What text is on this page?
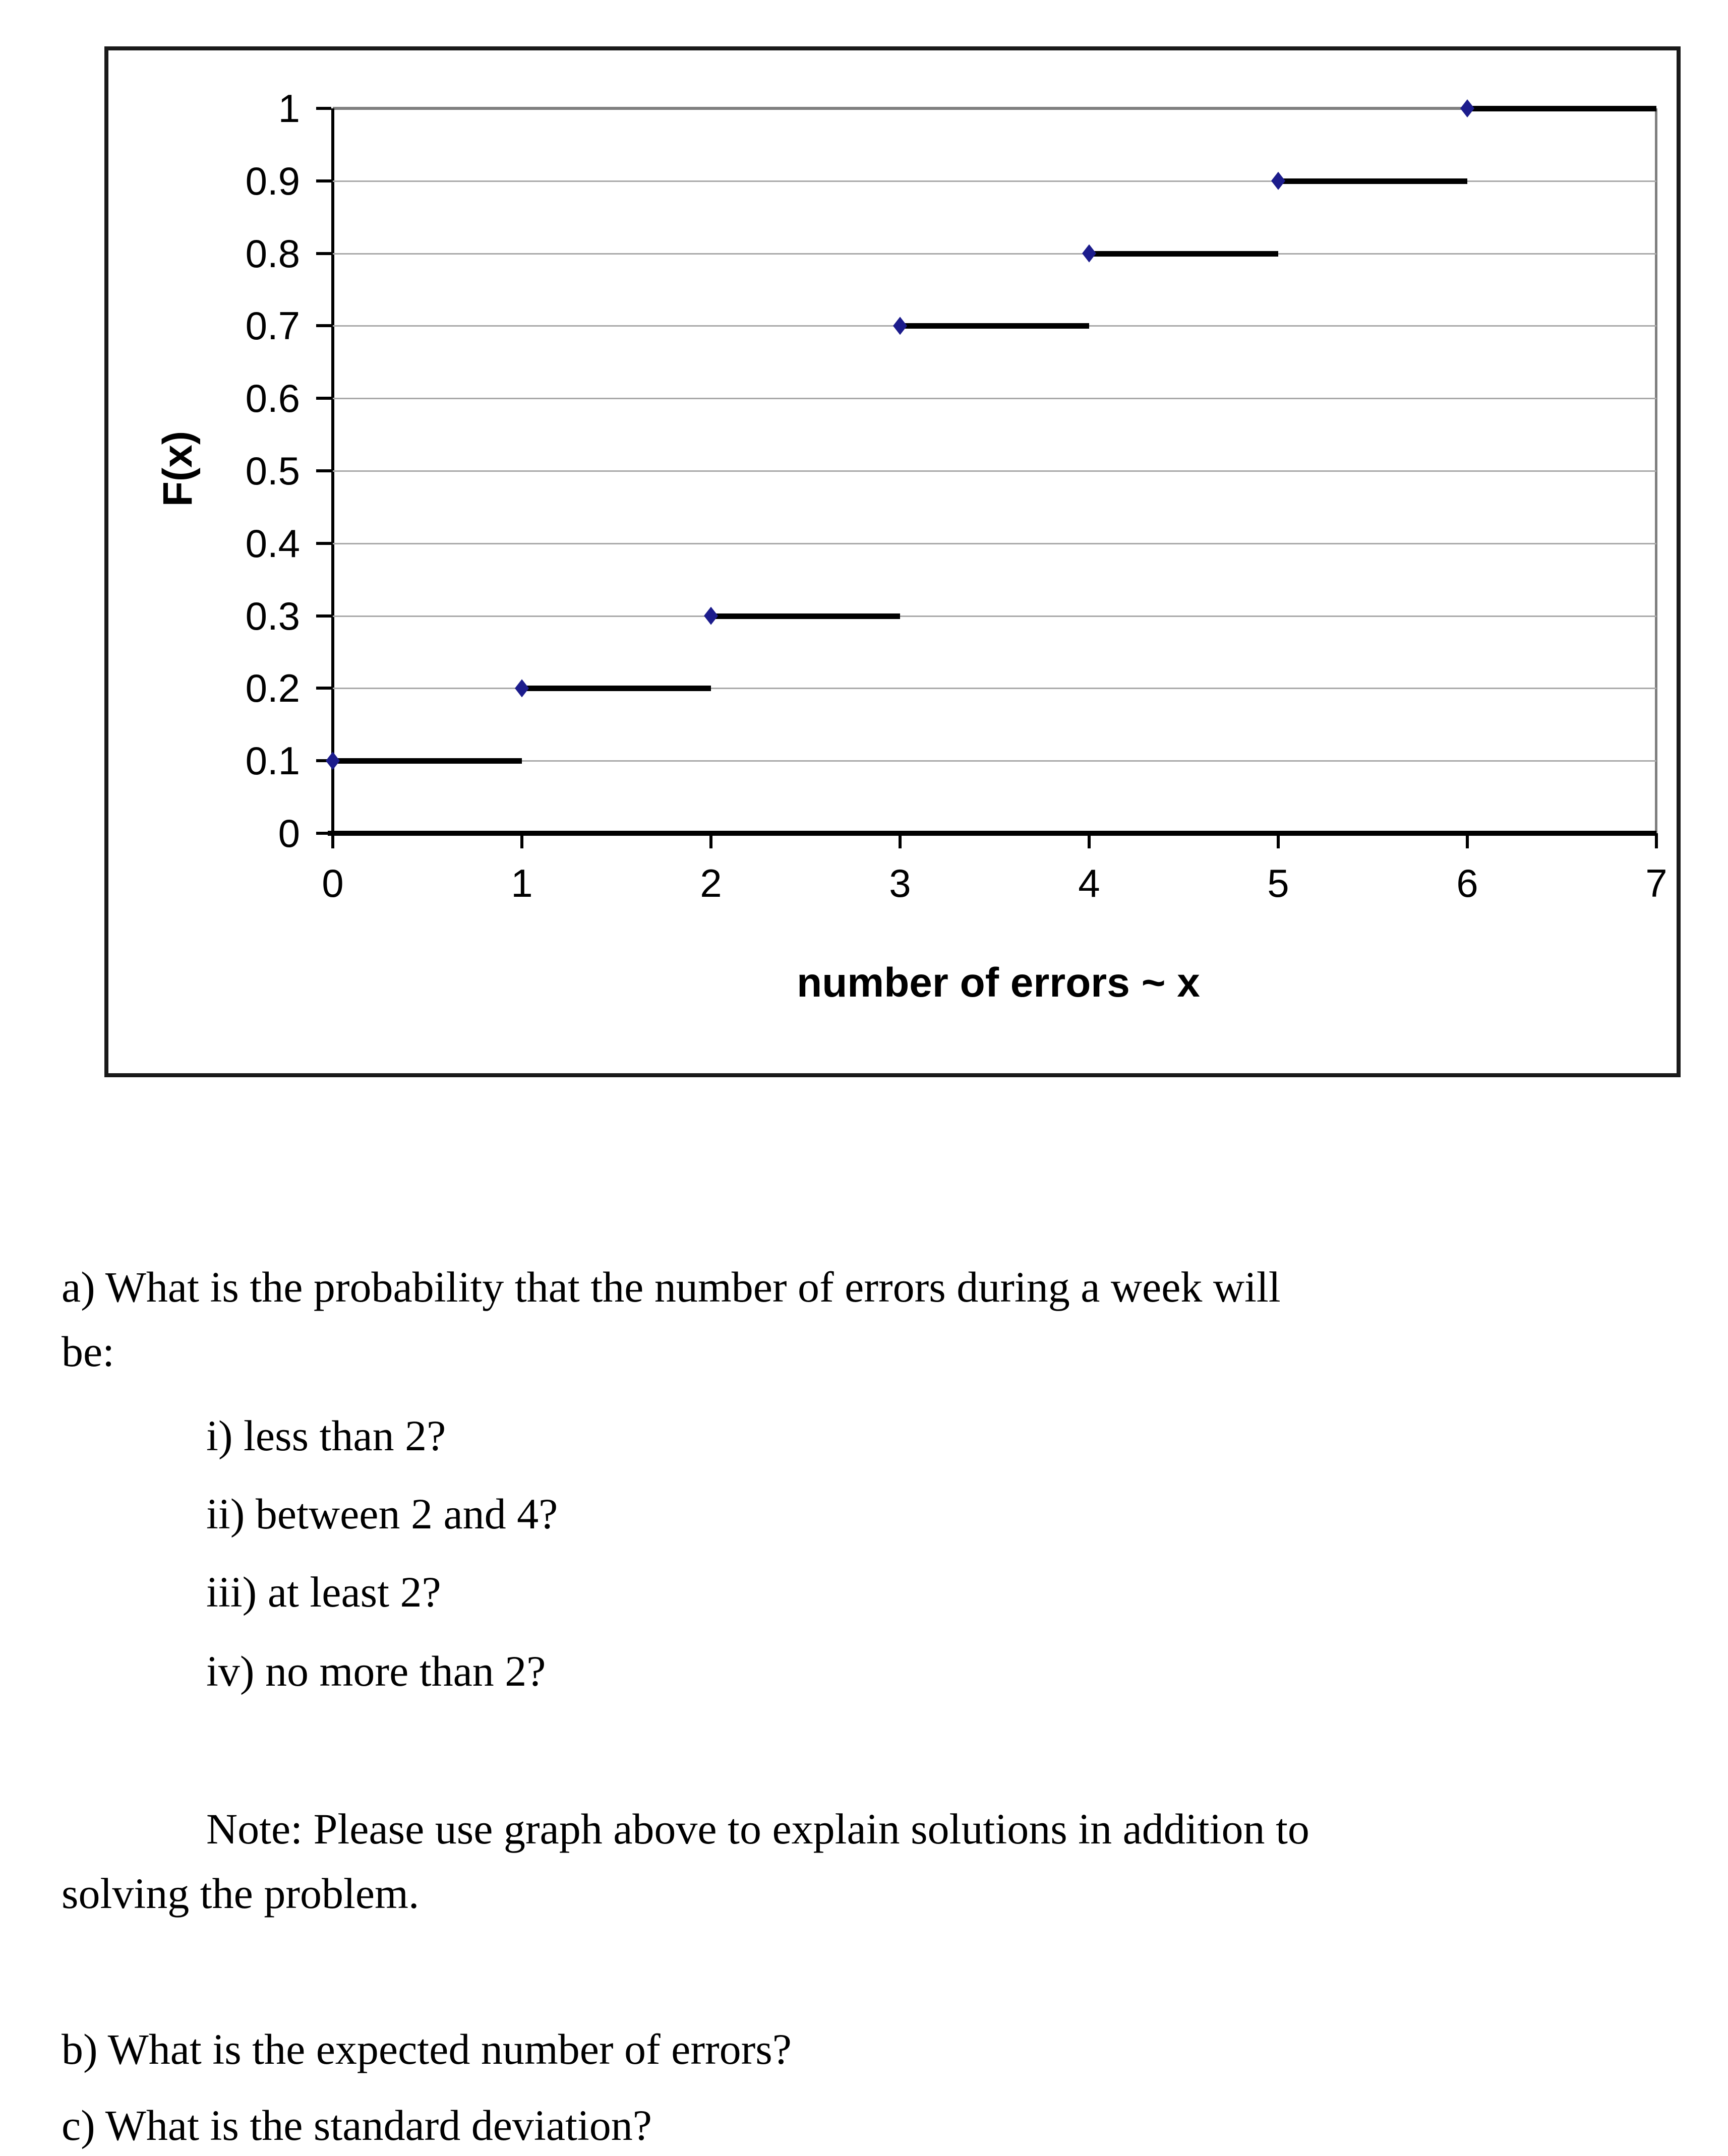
F(x)
number of errors ~ x
0
0.1
0.2
0.3
0.4
0.5
0.6
0.7
0.8
0.9
1
0	1	2	3	4	5	6	7
a) What is the probability that the number of errors during a week will
be:
i) less than 2?
ii) between 2 and 4?
iii) at least 2?
iv) no more than 2?
Note: Please use graph above to explain solutions in addition to
solving the problem.
b) What is the expected number of errors?
c) What is the standard deviation?
